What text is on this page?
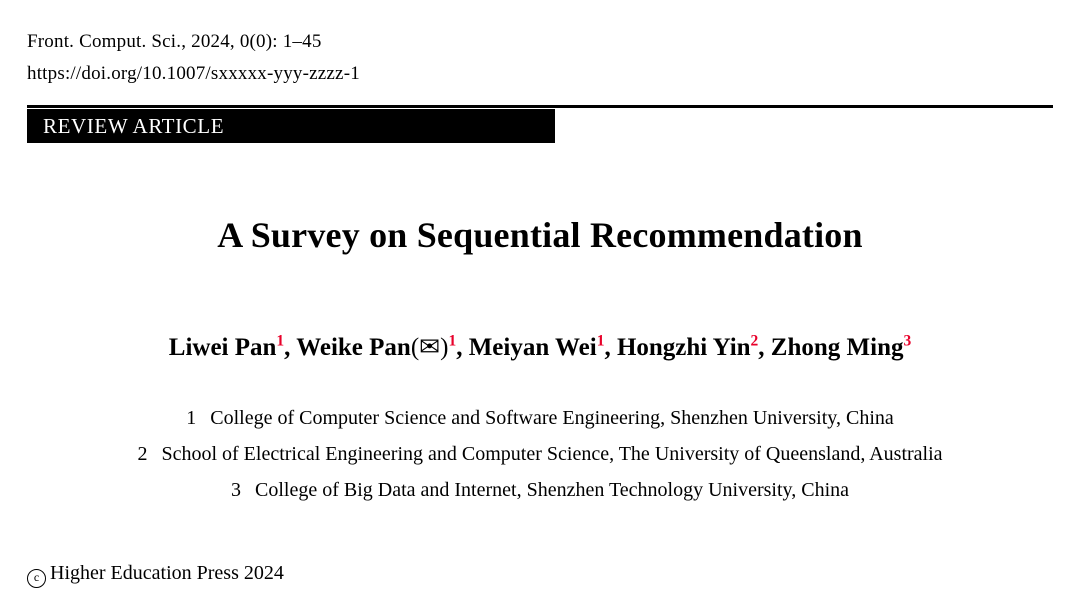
Front. Comput. Sci., 2024, 0(0): 1–45
https://doi.org/10.1007/sxxxxx-yyy-zzzz-1
REVIEW ARTICLE
A Survey on Sequential Recommendation
Liwei Pan$^1$, Weike Pan(✉)$^1$, Meiyan Wei$^1$, Hongzhi Yin$^2$, Zhong Ming$^3$
1 College of Computer Science and Software Engineering, Shenzhen University, China
2 School of Electrical Engineering and Computer Science, The University of Queensland, Australia
3 College of Big Data and Internet, Shenzhen Technology University, China
c Higher Education Press 2024
